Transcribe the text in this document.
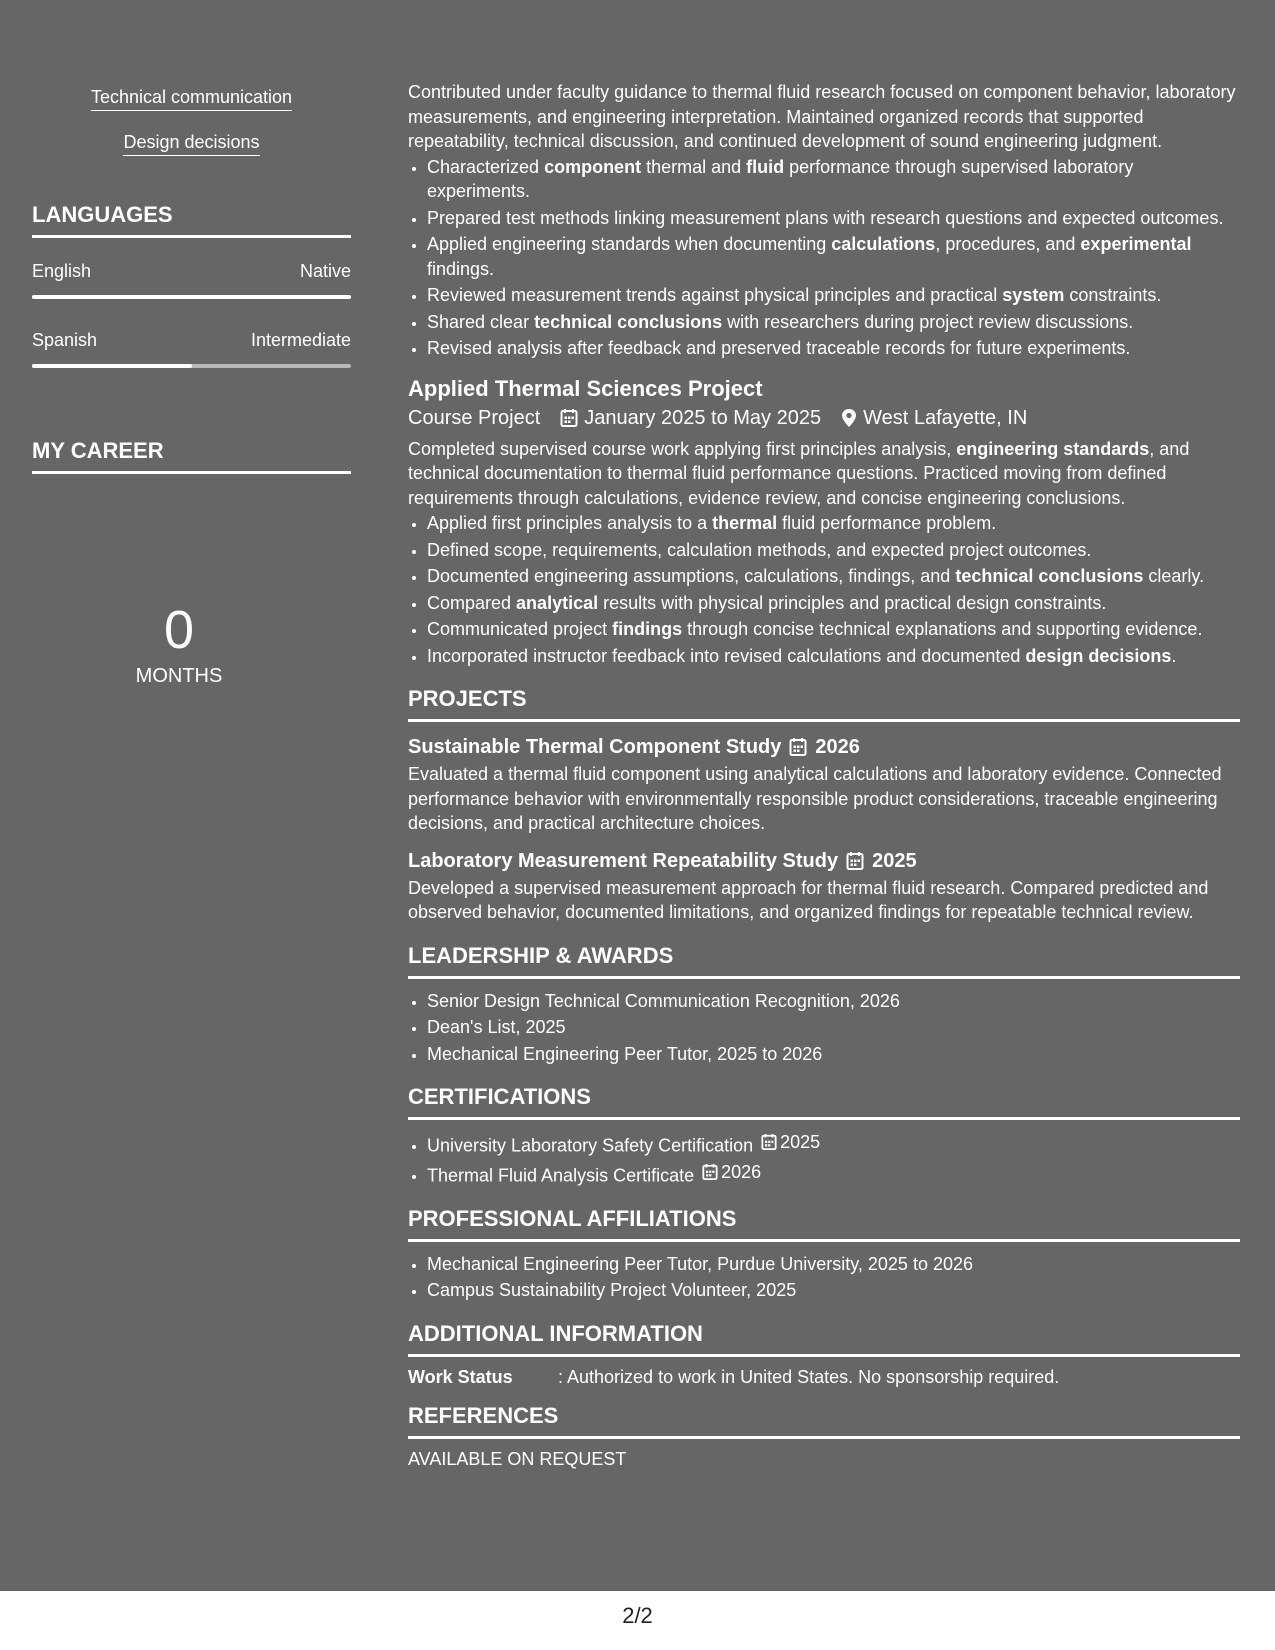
Technical communication
Design decisions
LANGUAGES
English	Native
Spanish	Intermediate
MY CAREER
0
MONTHS

Contributed under faculty guidance to thermal fluid research focused on component behavior, laboratory measurements, and engineering interpretation. Maintained organized records that supported repeatability, technical discussion, and continued development of sound engineering judgment.

• Characterized component thermal and fluid performance through supervised laboratory experiments.
• Prepared test methods linking measurement plans with research questions and expected outcomes.
• Applied engineering standards when documenting calculations, procedures, and experimental findings.
• Reviewed measurement trends against physical principles and practical system constraints.
• Shared clear technical conclusions with researchers during project review discussions.
• Revised analysis after feedback and preserved traceable records for future experiments.
Applied Thermal Sciences Project
Course Project January 2025 to May 2025 West Lafayette, IN

Completed supervised course work applying first principles analysis, engineering standards, and technical documentation to thermal fluid performance questions. Practiced moving from defined requirements through calculations, evidence review, and concise engineering conclusions.

• Applied first principles analysis to a thermal fluid performance problem.
• Defined scope, requirements, calculation methods, and expected project outcomes.
• Documented engineering assumptions, calculations, findings, and technical conclusions clearly.
• Compared analytical results with physical principles and practical design constraints.
• Communicated project findings through concise technical explanations and supporting evidence.
• Incorporated instructor feedback into revised calculations and documented design decisions.
PROJECTS
Sustainable Thermal Component Study 2026

Evaluated a thermal fluid component using analytical calculations and laboratory evidence. Connected performance behavior with environmentally responsible product considerations, traceable engineering decisions, and practical architecture choices.

Laboratory Measurement Repeatability Study 2025

Developed a supervised measurement approach for thermal fluid research. Compared predicted and observed behavior, documented limitations, and organized findings for repeatable technical review.

LEADERSHIP & AWARDS
• Senior Design Technical Communication Recognition, 2026
• Dean's List, 2025
• Mechanical Engineering Peer Tutor, 2025 to 2026
CERTIFICATIONS
• University Laboratory Safety Certification 2025
• Thermal Fluid Analysis Certificate 2026
PROFESSIONAL AFFILIATIONS
• Mechanical Engineering Peer Tutor, Purdue University, 2025 to 2026
• Campus Sustainability Project Volunteer, 2025
ADDITIONAL INFORMATION
Work Status	: Authorized to work in United States. No sponsorship required.
REFERENCES

AVAILABLE ON REQUEST

2/2
